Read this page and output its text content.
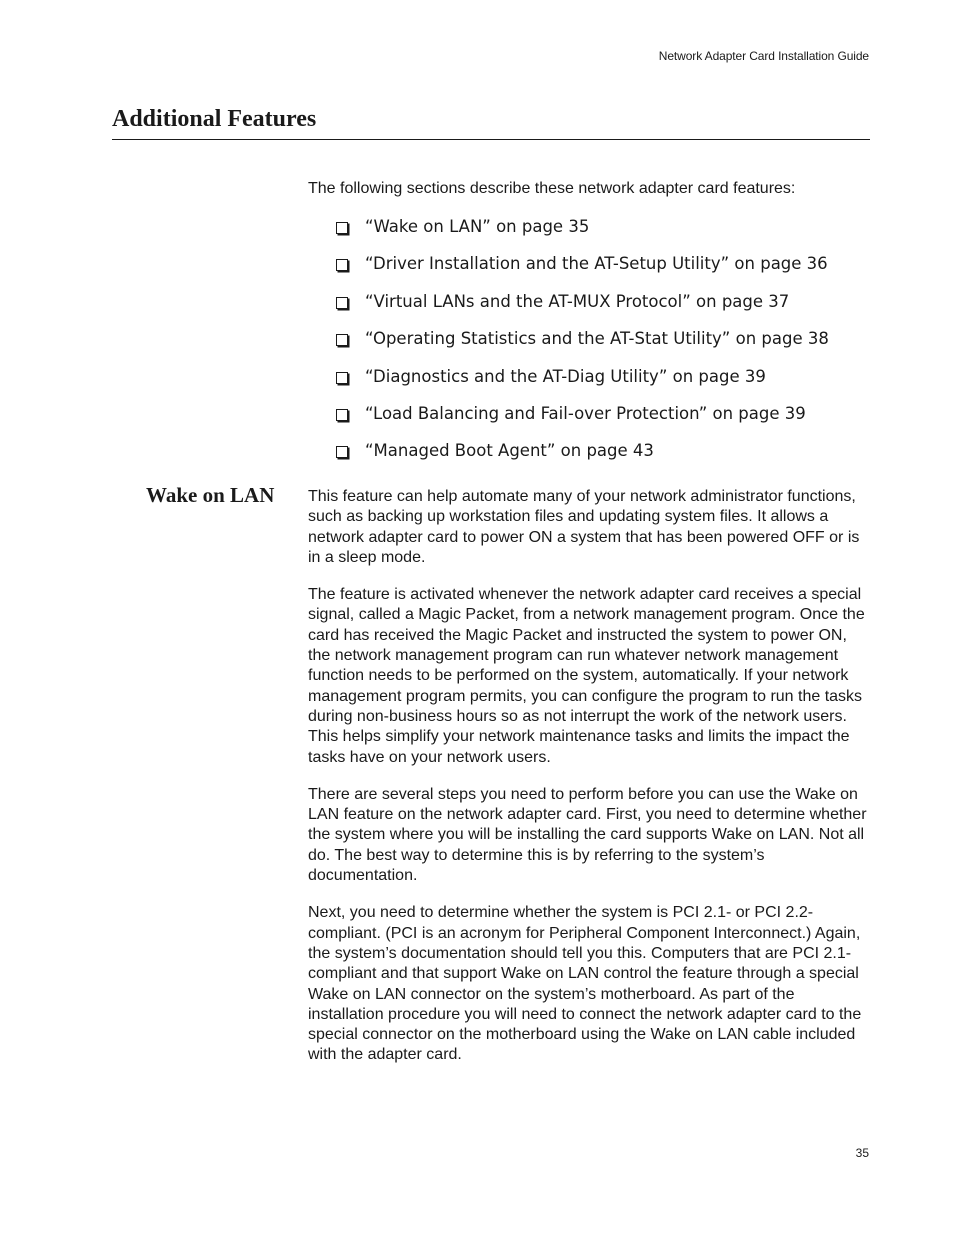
Network Adapter Card Installation Guide
Additional Features

The following sections describe these network adapter card features:

“Wake on LAN” on page 35
“Driver Installation and the AT-Setup Utility” on page 36
“Virtual LANs and the AT-MUX Protocol” on page 37
“Operating Statistics and the AT-Stat Utility” on page 38
“Diagnostics and the AT-Diag Utility” on page 39
“Load Balancing and Fail-over Protection” on page 39
“Managed Boot Agent” on page 43
Wake on LAN This feature can help automate many of your network administrator functions, such as backing up workstation files and updating system files. It allows a network adapter card to power ON a system that has been powered OFF or is in a sleep mode.

The feature is activated whenever the network adapter card receives a special signal, called a Magic Packet, from a network management program. Once the card has received the Magic Packet and instructed the system to power ON, the network management program can run whatever network management function needs to be performed on the system, automatically. If your network management program permits, you can configure the program to run the tasks during non-business hours so as not interrupt the work of the network users. This helps simplify your network maintenance tasks and limits the impact the tasks have on your network users.

There are several steps you need to perform before you can use the Wake on LAN feature on the network adapter card. First, you need to determine whether the system where you will be installing the card supports Wake on LAN. Not all do. The best way to determine this is by referring to the system’s documentation.

Next, you need to determine whether the system is PCI 2.1- or PCI 2.2-compliant. (PCI is an acronym for Peripheral Component Interconnect.) Again, the system’s documentation should tell you this. Computers that are PCI 2.1-compliant and that support Wake on LAN control the feature through a special Wake on LAN connector on the system’s motherboard. As part of the installation procedure you will need to connect the network adapter card to the special connector on the motherboard using the Wake on LAN cable included with the adapter card.

35
